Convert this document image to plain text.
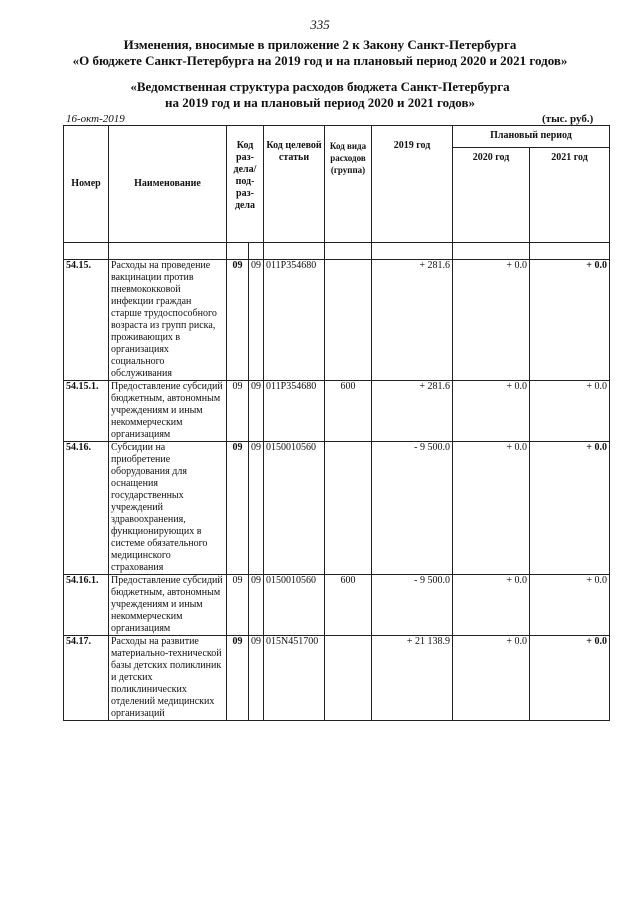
335
Изменения, вносимые в приложение 2 к Закону Санкт-Петербурга
«О бюджете Санкт-Петербурга на 2019 год и на плановый период 2020 и 2021 годов»
«Ведомственная структура расходов бюджета Санкт-Петербурга
на 2019 год и на плановый период 2020 и 2021 годов»
16-окт-2019	(тыс. руб.)
Номер	Наименование	Код раз-дела/под-раз-дела		Код целевой статьи	Код вида расходов (группа)	2019 год	Плановый период	
							2020 год	2021 год

54.15.	Расходы на проведение вакцинации против пневмококковой инфекции граждан старше трудоспособного возраста из групп риска, проживающих в организациях социального обслуживания	09	09	011Р354680		+ 281.6	+ 0.0	+ 0.0
54.15.1.	Предоставление субсидий бюджетным, автономным учреждениям и иным некоммерческим организациям	09	09	011Р354680	600	+ 281.6	+ 0.0	+ 0.0
54.16.	Субсидии на приобретение оборудования для оснащения государственных учреждений здравоохранения, функционирующих в системе обязательного медицинского страхования	09	09	0150010560		- 9 500.0	+ 0.0	+ 0.0
54.16.1.	Предоставление субсидий бюджетным, автономным учреждениям и иным некоммерческим организациям	09	09	0150010560	600	- 9 500.0	+ 0.0	+ 0.0
54.17.	Расходы на развитие материально-технической базы детских поликлиник и детских поликлинических отделений медицинских организаций	09	09	015N451700		+ 21 138.9	+ 0.0	+ 0.0
